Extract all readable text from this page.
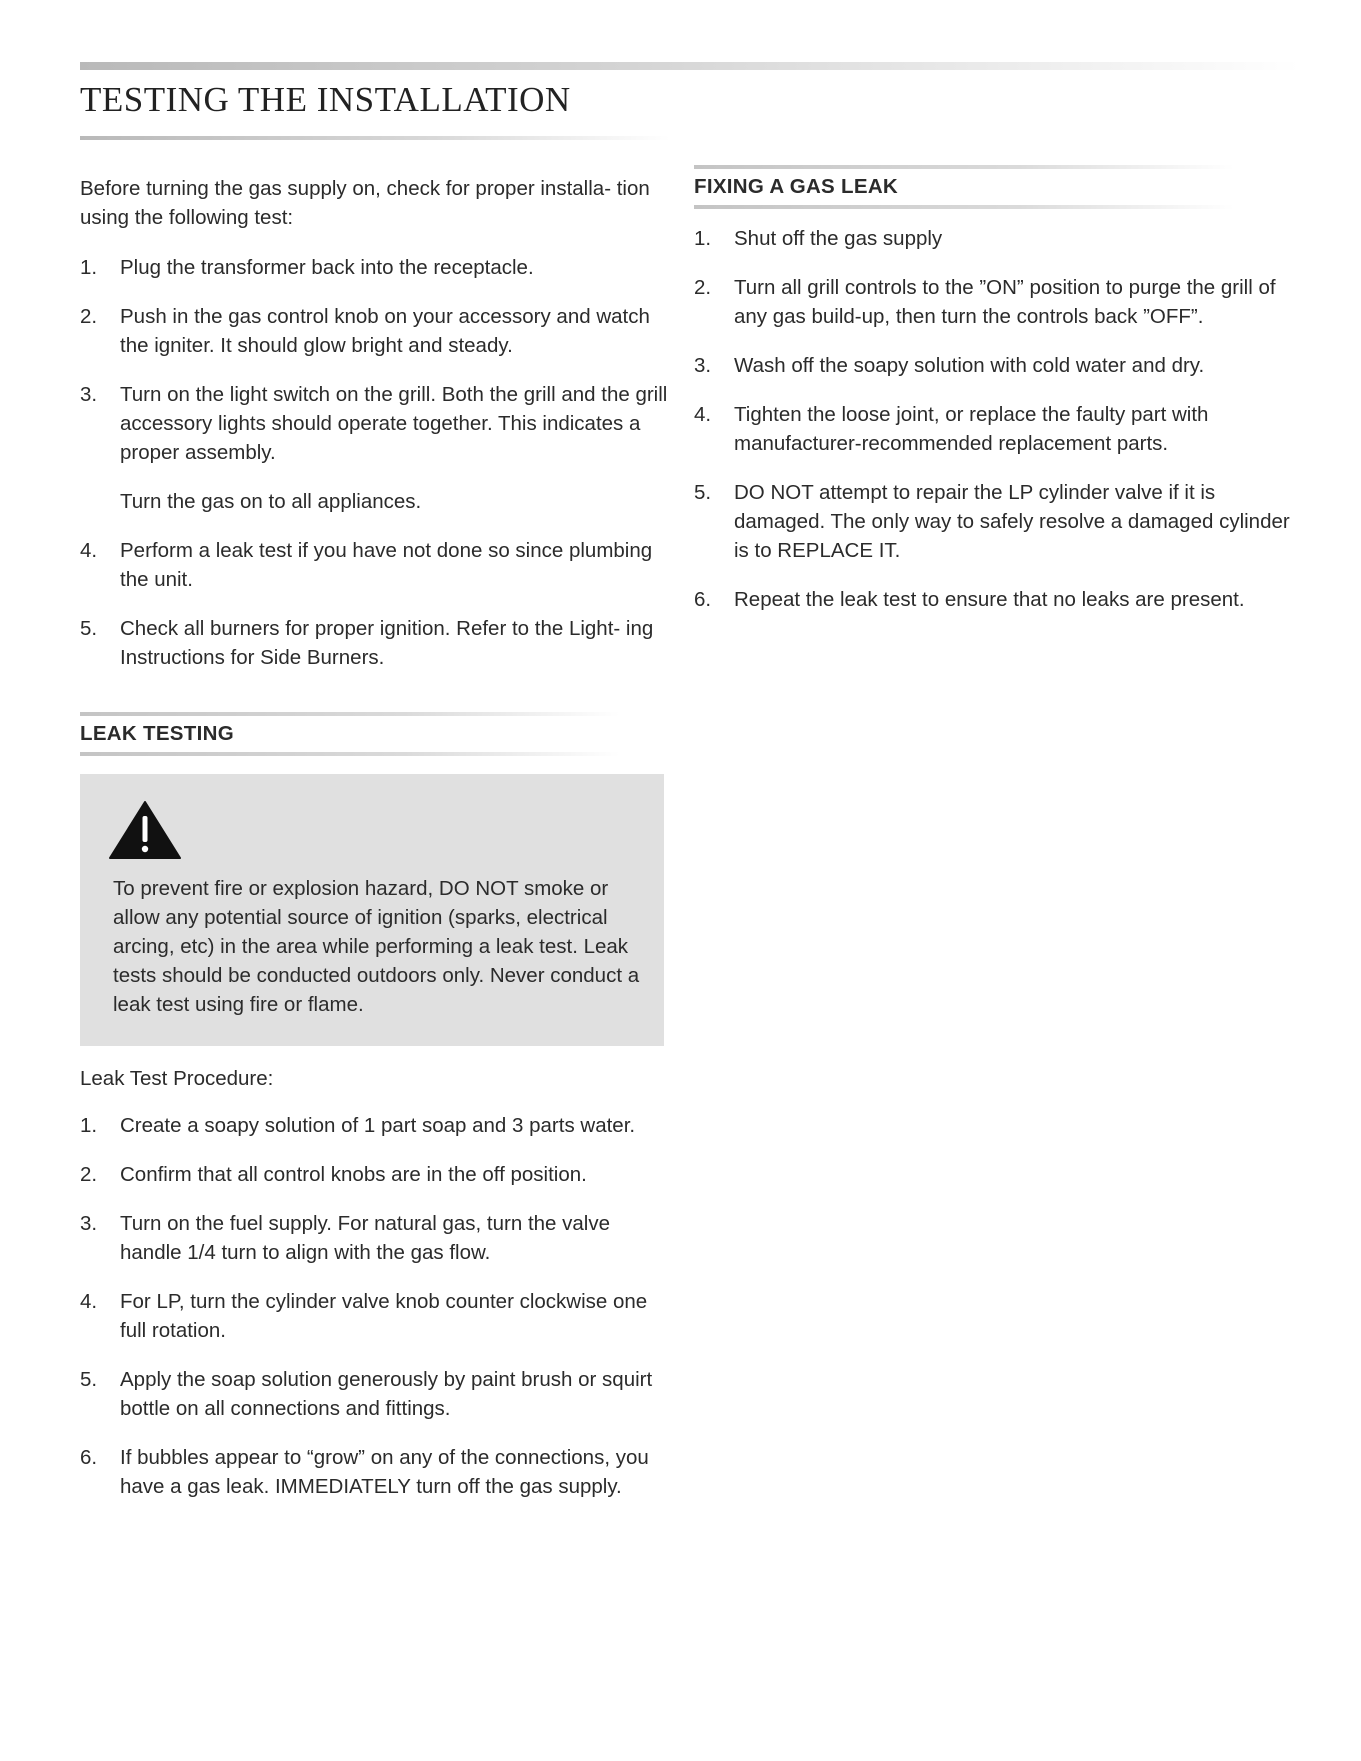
TESTING THE INSTALLATION

Before turning the gas supply on, check for proper installa- tion using the following test:

1. Plug the transformer back into the receptacle.
2. Push in the gas control knob on your accessory and watch the igniter. It should glow bright and steady.
3. Turn on the light switch on the grill. Both the grill and the grill accessory lights should operate together. This indicates a proper assembly.
Turn the gas on to all appliances.
4. Perform a leak test if you have not done so since plumbing the unit.
5. Check all burners for proper ignition. Refer to the Light- ing Instructions for Side Burners.
LEAK TESTING

To prevent fire or explosion hazard, DO NOT smoke or allow any potential source of ignition (sparks, electrical arcing, etc) in the area while performing a leak test. Leak tests should be conducted outdoors only. Never conduct a leak test using fire or flame.

Leak Test Procedure:

1. Create a soapy solution of 1 part soap and 3 parts water.
2. Confirm that all control knobs are in the off position.
3. Turn on the fuel supply. For natural gas, turn the valve handle 1/4 turn to align with the gas flow.
4. For LP, turn the cylinder valve knob counter clockwise one full rotation.
5. Apply the soap solution generously by paint brush or squirt bottle on all connections and fittings.
6. If bubbles appear to “grow” on any of the connections, you have a gas leak. IMMEDIATELY turn off the gas supply.
FIXING A GAS LEAK
1. Shut off the gas supply
2. Turn all grill controls to the ”ON” position to purge the grill of any gas build-up, then turn the controls back ”OFF”.
3. Wash off the soapy solution with cold water and dry.
4. Tighten the loose joint, or replace the faulty part with manufacturer-recommended replacement parts.
5. DO NOT attempt to repair the LP cylinder valve if it is damaged. The only way to safely resolve a damaged cylinder is to REPLACE IT.
6. Repeat the leak test to ensure that no leaks are present.
